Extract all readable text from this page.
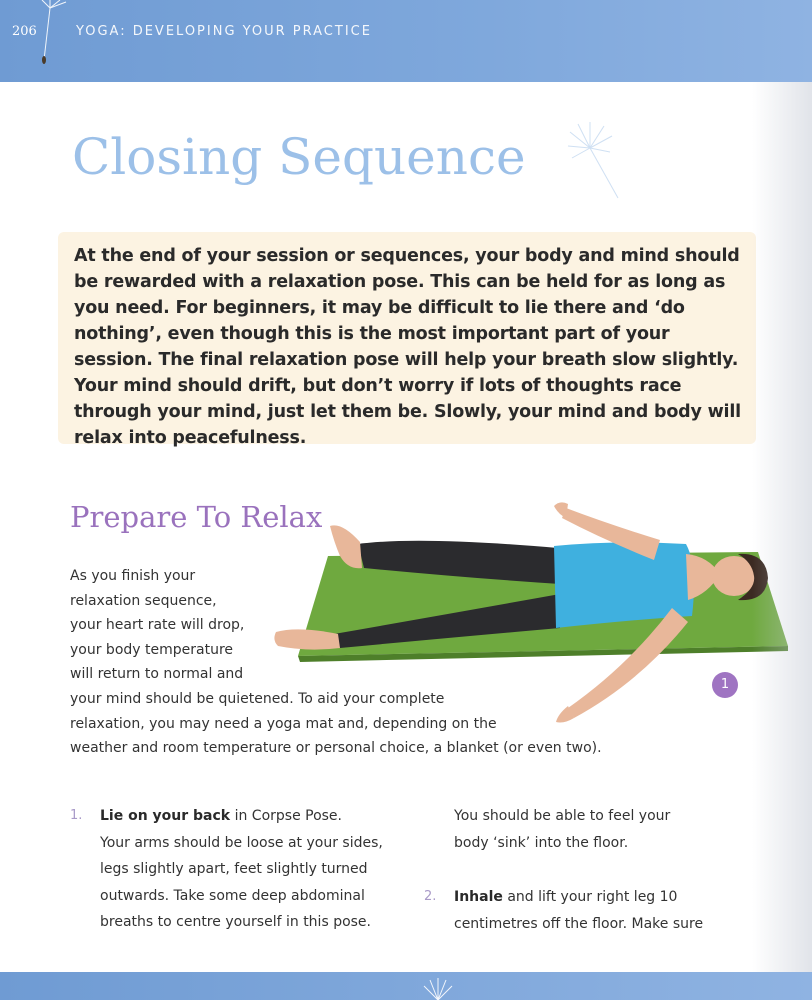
206	YOGA: DEVELOPING YOUR PRACTICE
Closing Sequence

At the end of your session or sequences, your body and mind should be rewarded with a relaxation pose. This can be held for as long as you need. For beginners, it may be difficult to lie there and ‘do nothing’, even though this is the most important part of your session. The final relaxation pose will help your breath slow slightly. Your mind should drift, but don’t worry if lots of thoughts race through your mind, just let them be. Slowly, your mind and body will relax into peacefulness.

Prepare To Relax
As you finish your
relaxation sequence,
your heart rate will drop,
your body temperature
will return to normal and
your mind should be quietened. To aid your complete
relaxation, you may need a yoga mat and, depending on the
weather and room temperature or personal choice, a blanket (or even two).
1
1. Lie on your back in Corpse Pose.
Your arms should be loose at your sides,
legs slightly apart, feet slightly turned
outwards. Take some deep abdominal
breaths to centre yourself in this pose.
You should be able to feel your
body ‘sink’ into the floor.
2. Inhale and lift your right leg 10
centimetres off the floor. Make sure
